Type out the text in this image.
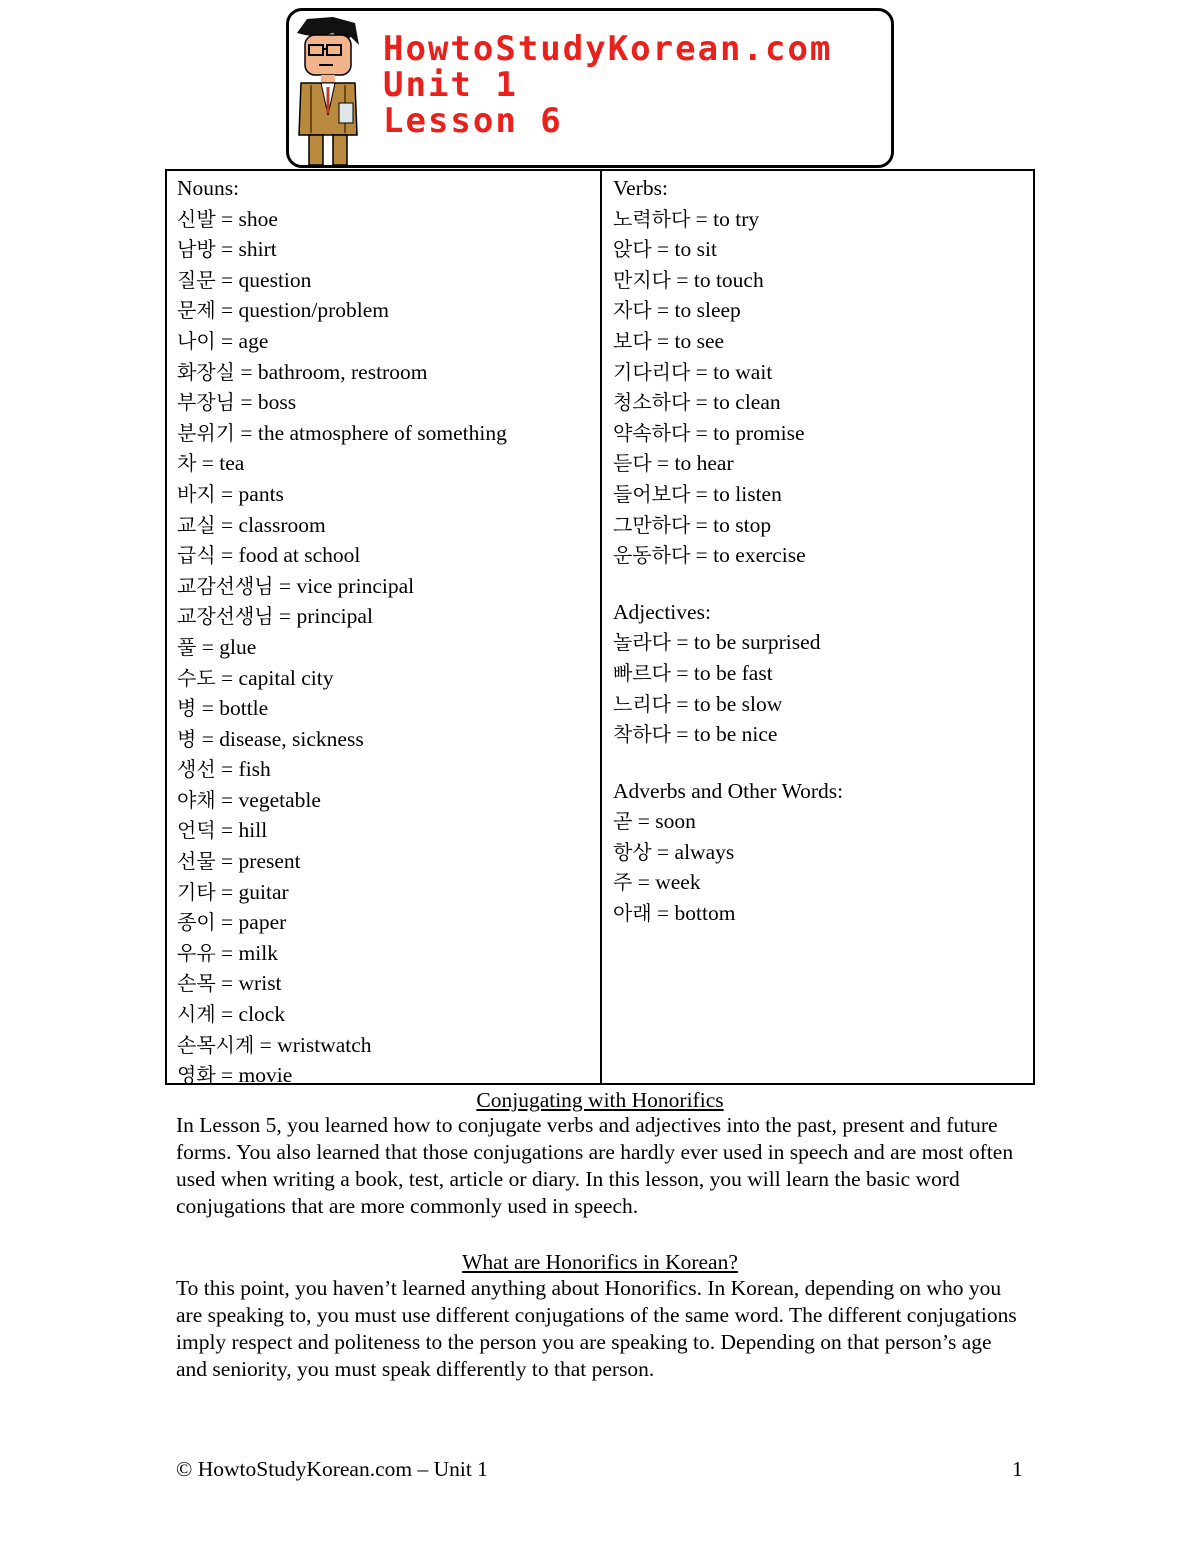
HowtoStudyKorean.com
Unit 1
Lesson 6
Nouns:
신발 = shoe
남방 = shirt
질문 = question
문제 = question/problem
나이 = age
화장실 = bathroom, restroom
부장님 = boss
분위기 = the atmosphere of something
차 = tea
바지 = pants
교실 = classroom
급식 = food at school
교감선생님 = vice principal
교장선생님 = principal
풀 = glue
수도 = capital city
병 = bottle
병 = disease, sickness
생선 = fish
야채 = vegetable
언덕 = hill
선물 = present
기타 = guitar
종이 = paper
우유 = milk
손목 = wrist
시계 = clock
손목시계 = wristwatch
영화 = movie
Verbs:
노력하다 = to try
앉다 = to sit
만지다 = to touch
자다 = to sleep
보다 = to see
기다리다 = to wait
청소하다 = to clean
약속하다 = to promise
듣다 = to hear
들어보다 = to listen
그만하다 = to stop
운동하다 = to exercise
Adjectives:
놀라다 = to be surprised
빠르다 = to be fast
느리다 = to be slow
착하다 = to be nice
Adverbs and Other Words:
곧 = soon
항상 = always
주 = week
아래 = bottom
Conjugating with Honorifics
In Lesson 5, you learned how to conjugate verbs and adjectives into the past, present and future forms. You also learned that those conjugations are hardly ever used in speech and are most often used when writing a book, test, article or diary. In this lesson, you will learn the basic word conjugations that are more commonly used in speech.
What are Honorifics in Korean?
To this point, you haven’t learned anything about Honorifics. In Korean, depending on who you are speaking to, you must use different conjugations of the same word. The different conjugations imply respect and politeness to the person you are speaking to. Depending on that person’s age and seniority, you must speak differently to that person.
© HowtoStudyKorean.com – Unit 1	1
